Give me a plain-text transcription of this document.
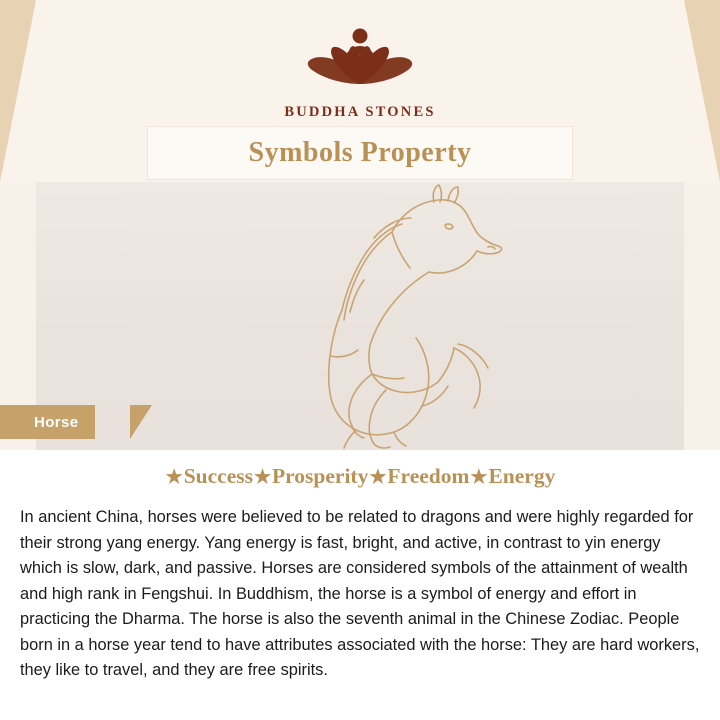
BUDDHA STONES
Symbols Property
Horse
★Success★Prosperity★Freedom★Energy

In ancient China, horses were believed to be related to dragons and were highly regarded for their strong yang energy. Yang energy is fast, bright, and active, in contrast to yin energy which is slow, dark, and passive. Horses are considered symbols of the attainment of wealth and high rank in Fengshui. In Buddhism, the horse is a symbol of energy and effort in practicing the Dharma. The horse is also the seventh animal in the Chinese Zodiac. People born in a horse year tend to have attributes associated with the horse: They are hard workers, they like to travel, and they are free spirits.
